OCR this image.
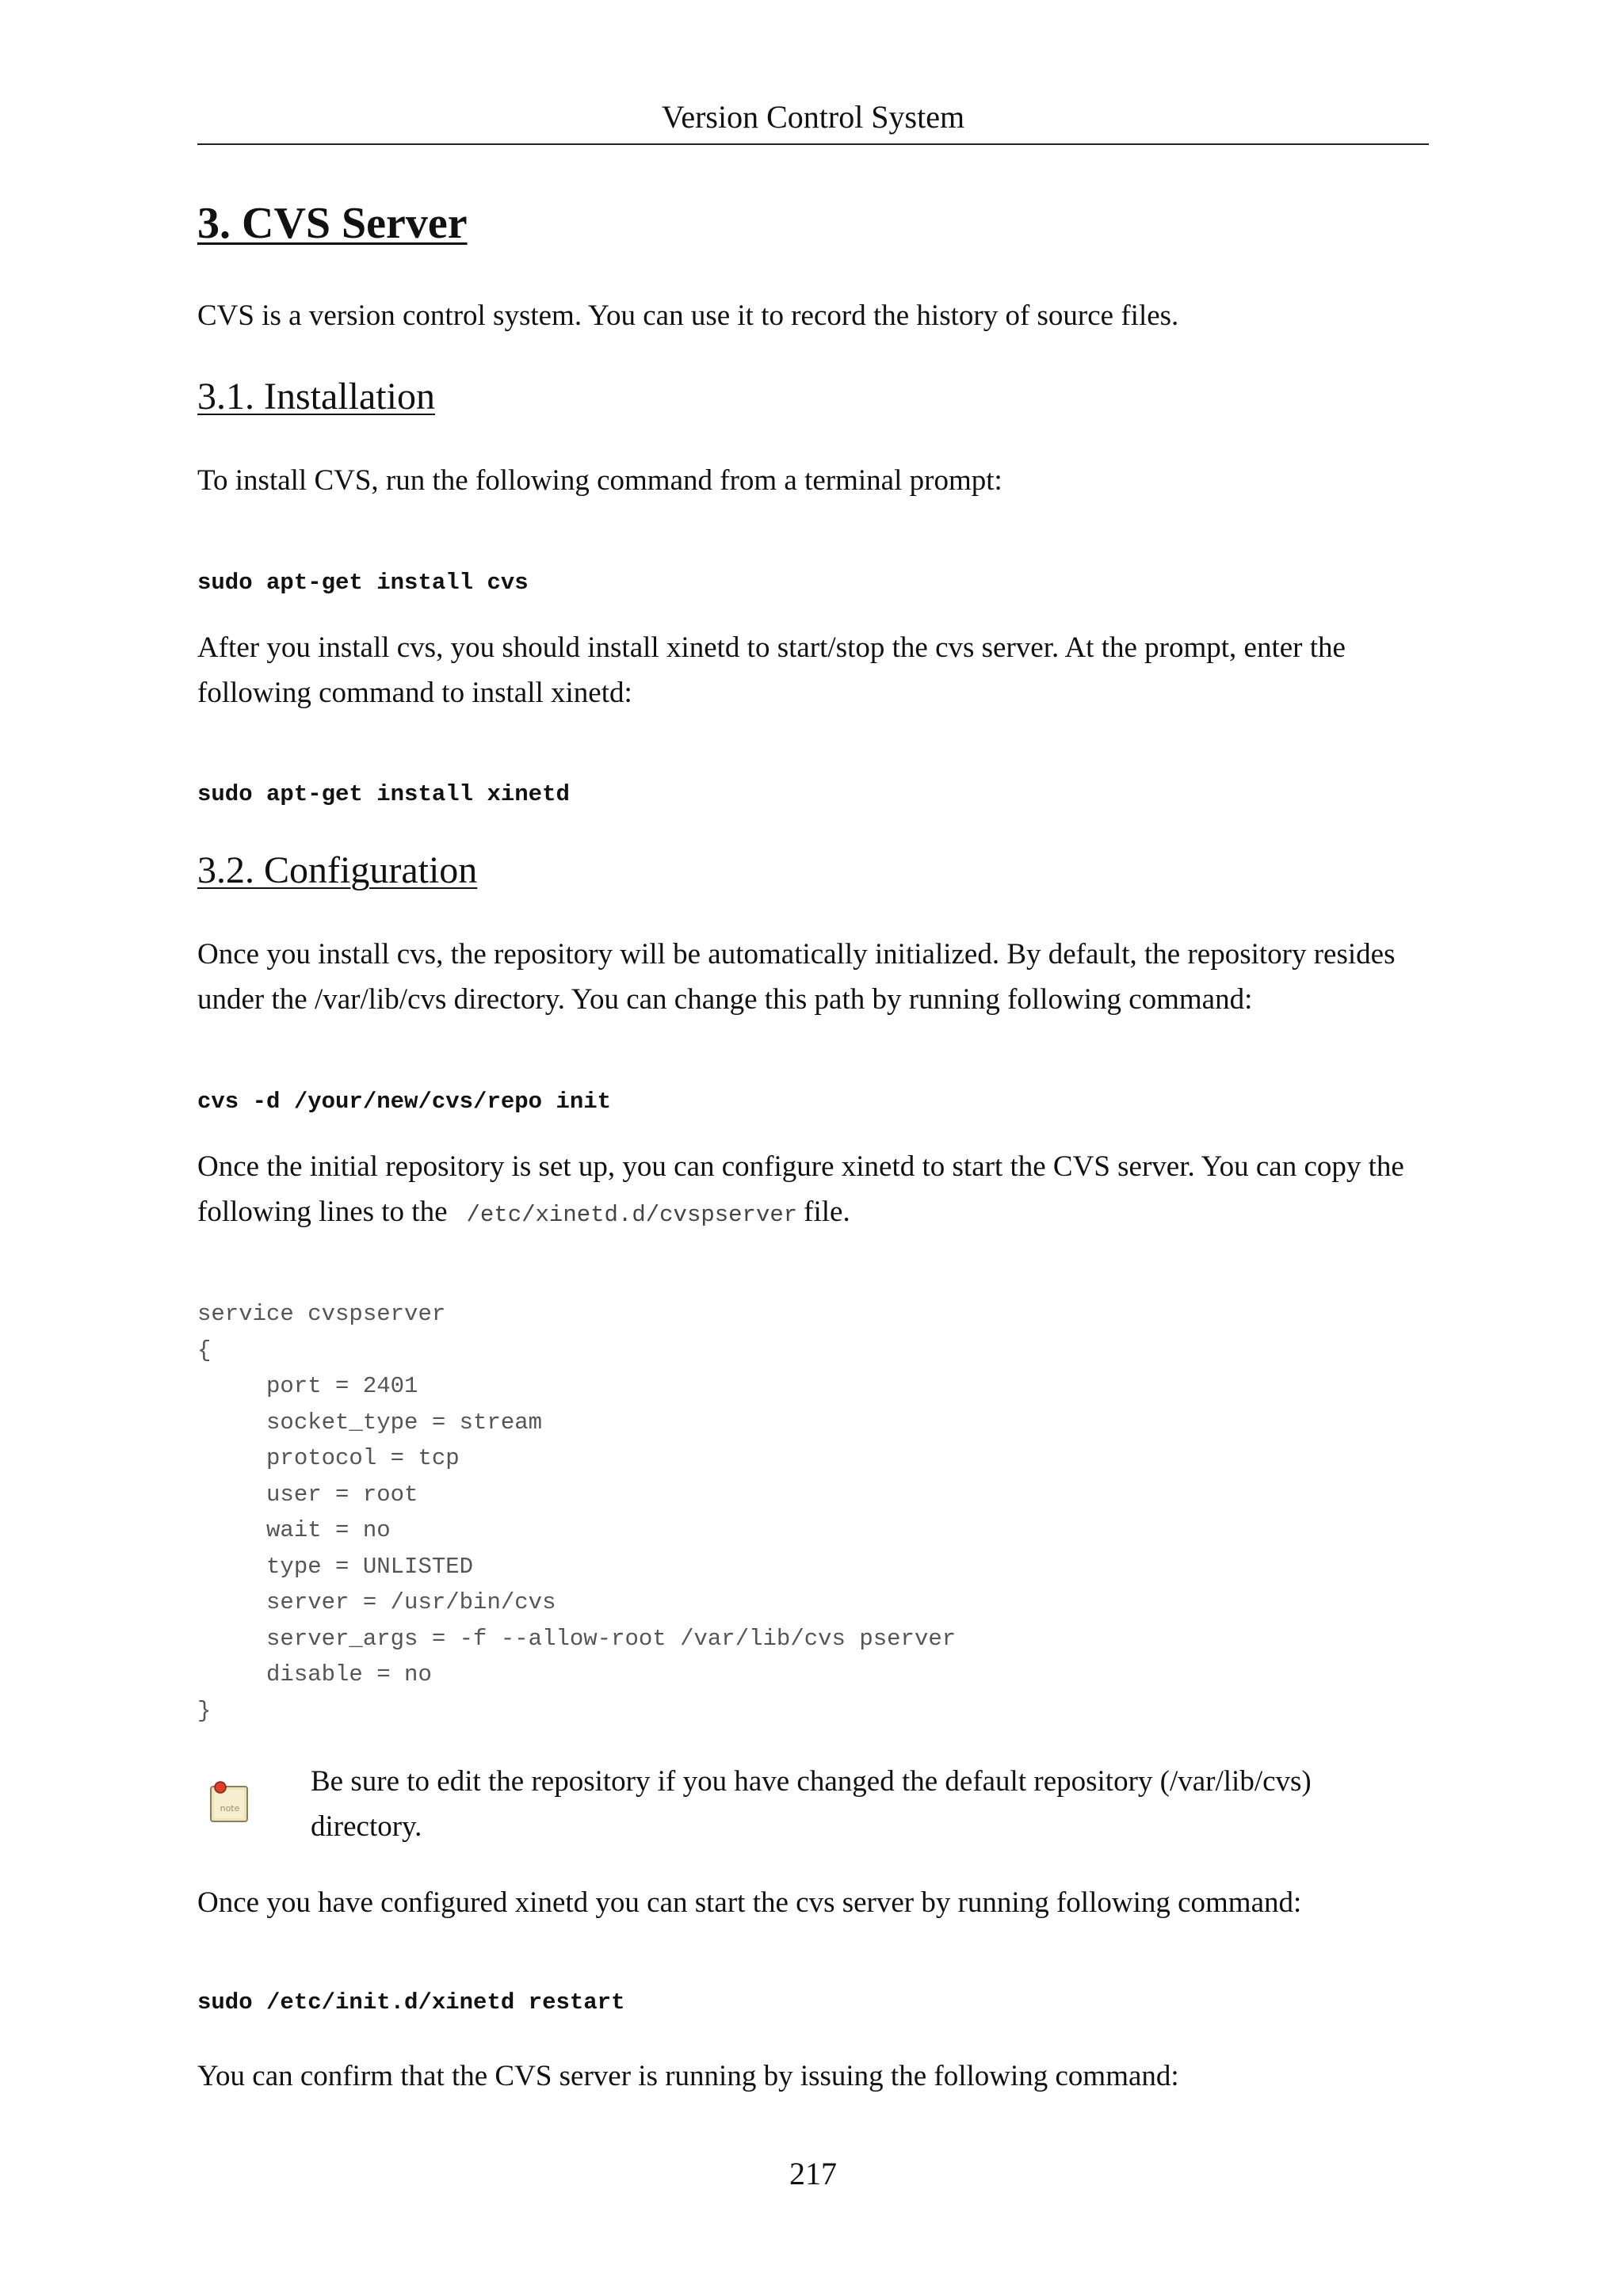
Version Control System
3. CVS Server

CVS is a version control system. You can use it to record the history of source files.

3.1. Installation

To install CVS, run the following command from a terminal prompt:

sudo apt-get install cvs

After you install cvs, you should install xinetd to start/stop the cvs server. At the prompt, enter the following command to install xinetd:

sudo apt-get install xinetd
3.2. Configuration

Once you install cvs, the repository will be automatically initialized. By default, the repository resides under the /var/lib/cvs directory. You can change this path by running following command:

cvs -d /your/new/cvs/repo init

Once the initial repository is set up, you can configure xinetd to start the CVS server. You can copy the following lines to the /etc/xinetd.d/cvspserver file.

service cvspserver
{
port = 2401
socket_type = stream
protocol = tcp
user = root
wait = no
type = UNLISTED
server = /usr/bin/cvs
server_args = -f --allow-root /var/lib/cvs pserver
disable = no
}
note

Be sure to edit the repository if you have changed the default repository (/var/lib/cvs) directory.

Once you have configured xinetd you can start the cvs server by running following command:

sudo /etc/init.d/xinetd restart

You can confirm that the CVS server is running by issuing the following command:

217
